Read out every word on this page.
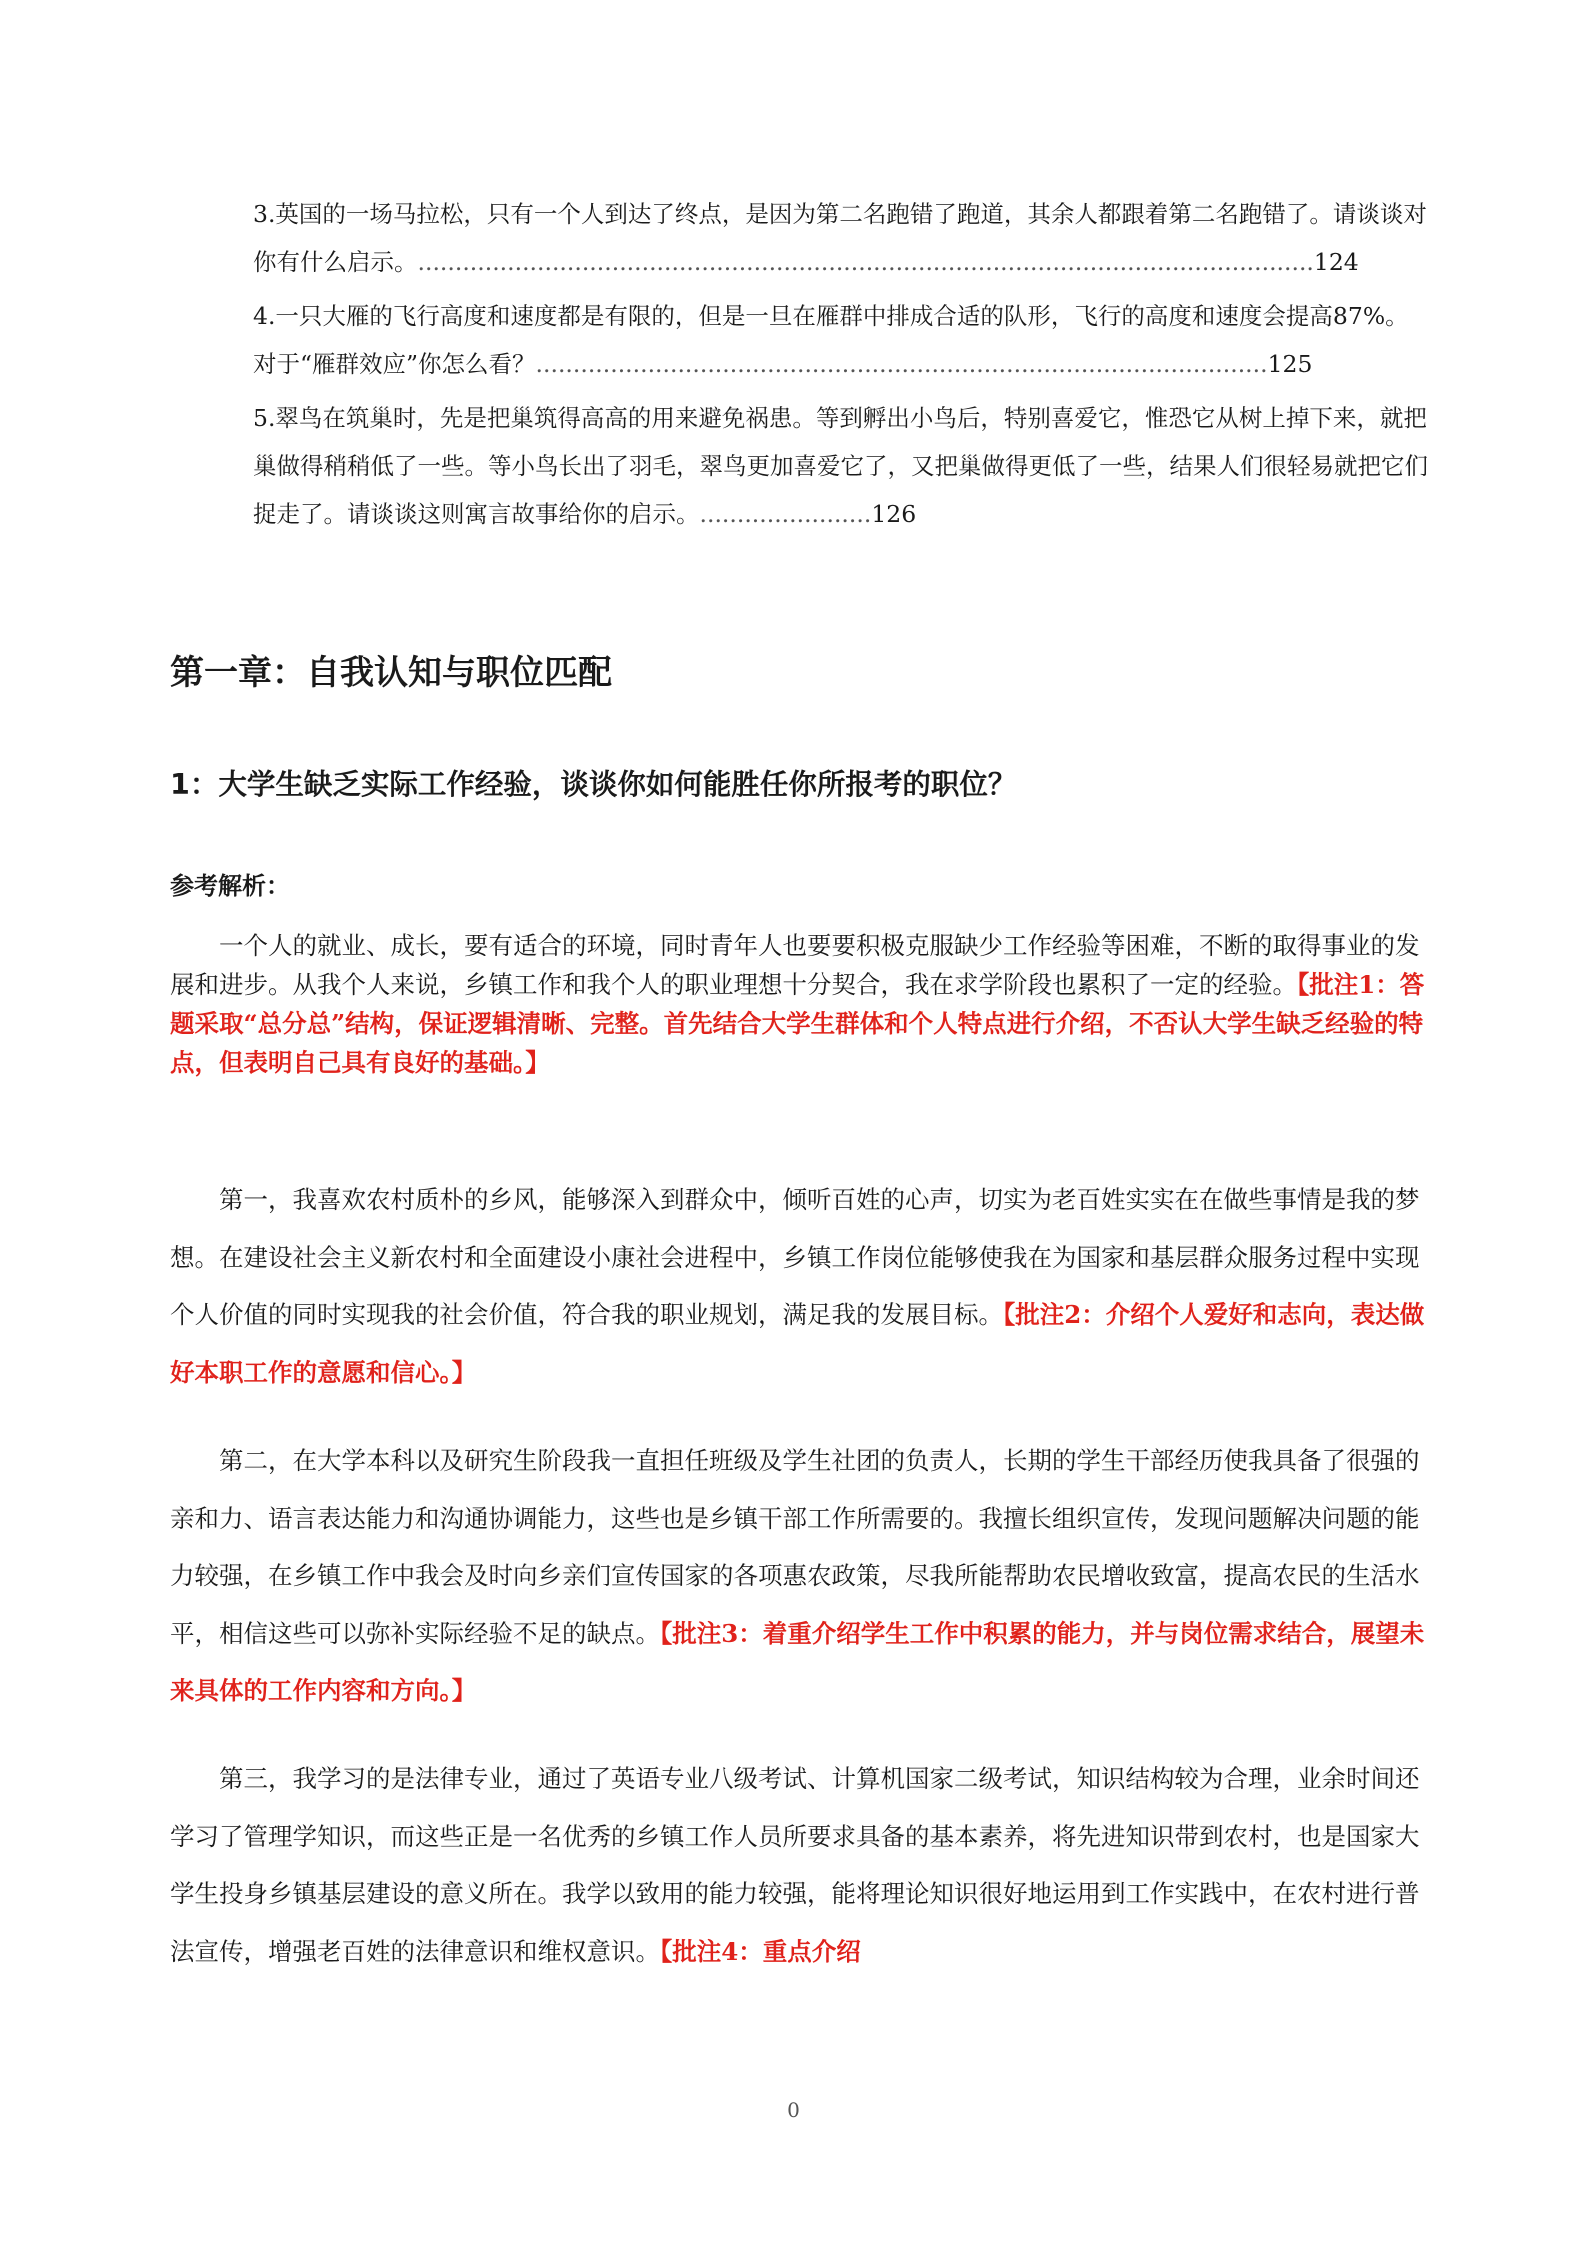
3.英国的一场马拉松，只有一个人到达了终点，是因为第二名跑错了跑道，其余人都跟着第二名跑错了。请谈谈对你有什么启示。........................................................................................................................124
4.一只大雁的飞行高度和速度都是有限的，但是一旦在雁群中排成合适的队形，飞行的高度和速度会提高87%。对于“雁群效应”你怎么看？..................................................................................................125
5.翠鸟在筑巢时，先是把巢筑得高高的用来避免祸患。等到孵出小鸟后，特别喜爱它，惟恐它从树上掉下来，就把巢做得稍稍低了一些。等小鸟长出了羽毛，翠鸟更加喜爱它了，又把巢做得更低了一些，结果人们很轻易就把它们捉走了。请谈谈这则寓言故事给你的启示。.......................126
第一章：自我认知与职位匹配
1：大学生缺乏实际工作经验，谈谈你如何能胜任你所报考的职位？
参考解析：

一个人的就业、成长，要有适合的环境，同时青年人也要要积极克服缺少工作经验等困难，不断的取得事业的发展和进步。从我个人来说，乡镇工作和我个人的职业理想十分契合，我在求学阶段也累积了一定的经验。【批注1：答题采取“总分总”结构，保证逻辑清晰、完整。首先结合大学生群体和个人特点进行介绍，不否认大学生缺乏经验的特点，但表明自己具有良好的基础。】

第一，我喜欢农村质朴的乡风，能够深入到群众中，倾听百姓的心声，切实为老百姓实实在在做些事情是我的梦想。在建设社会主义新农村和全面建设小康社会进程中，乡镇工作岗位能够使我在为国家和基层群众服务过程中实现个人价值的同时实现我的社会价值，符合我的职业规划，满足我的发展目标。【批注2：介绍个人爱好和志向，表达做好本职工作的意愿和信心。】

第二，在大学本科以及研究生阶段我一直担任班级及学生社团的负责人，长期的学生干部经历使我具备了很强的亲和力、语言表达能力和沟通协调能力，这些也是乡镇干部工作所需要的。我擅长组织宣传，发现问题解决问题的能力较强，在乡镇工作中我会及时向乡亲们宣传国家的各项惠农政策，尽我所能帮助农民增收致富，提高农民的生活水平，相信这些可以弥补实际经验不足的缺点。【批注3：着重介绍学生工作中积累的能力，并与岗位需求结合，展望未来具体的工作内容和方向。】

第三，我学习的是法律专业，通过了英语专业八级考试、计算机国家二级考试，知识结构较为合理，业余时间还学习了管理学知识，而这些正是一名优秀的乡镇工作人员所要求具备的基本素养，将先进知识带到农村，也是国家大学生投身乡镇基层建设的意义所在。我学以致用的能力较强，能将理论知识很好地运用到工作实践中，在农村进行普法宣传，增强老百姓的法律意识和维权意识。【批注4：重点介绍

0
